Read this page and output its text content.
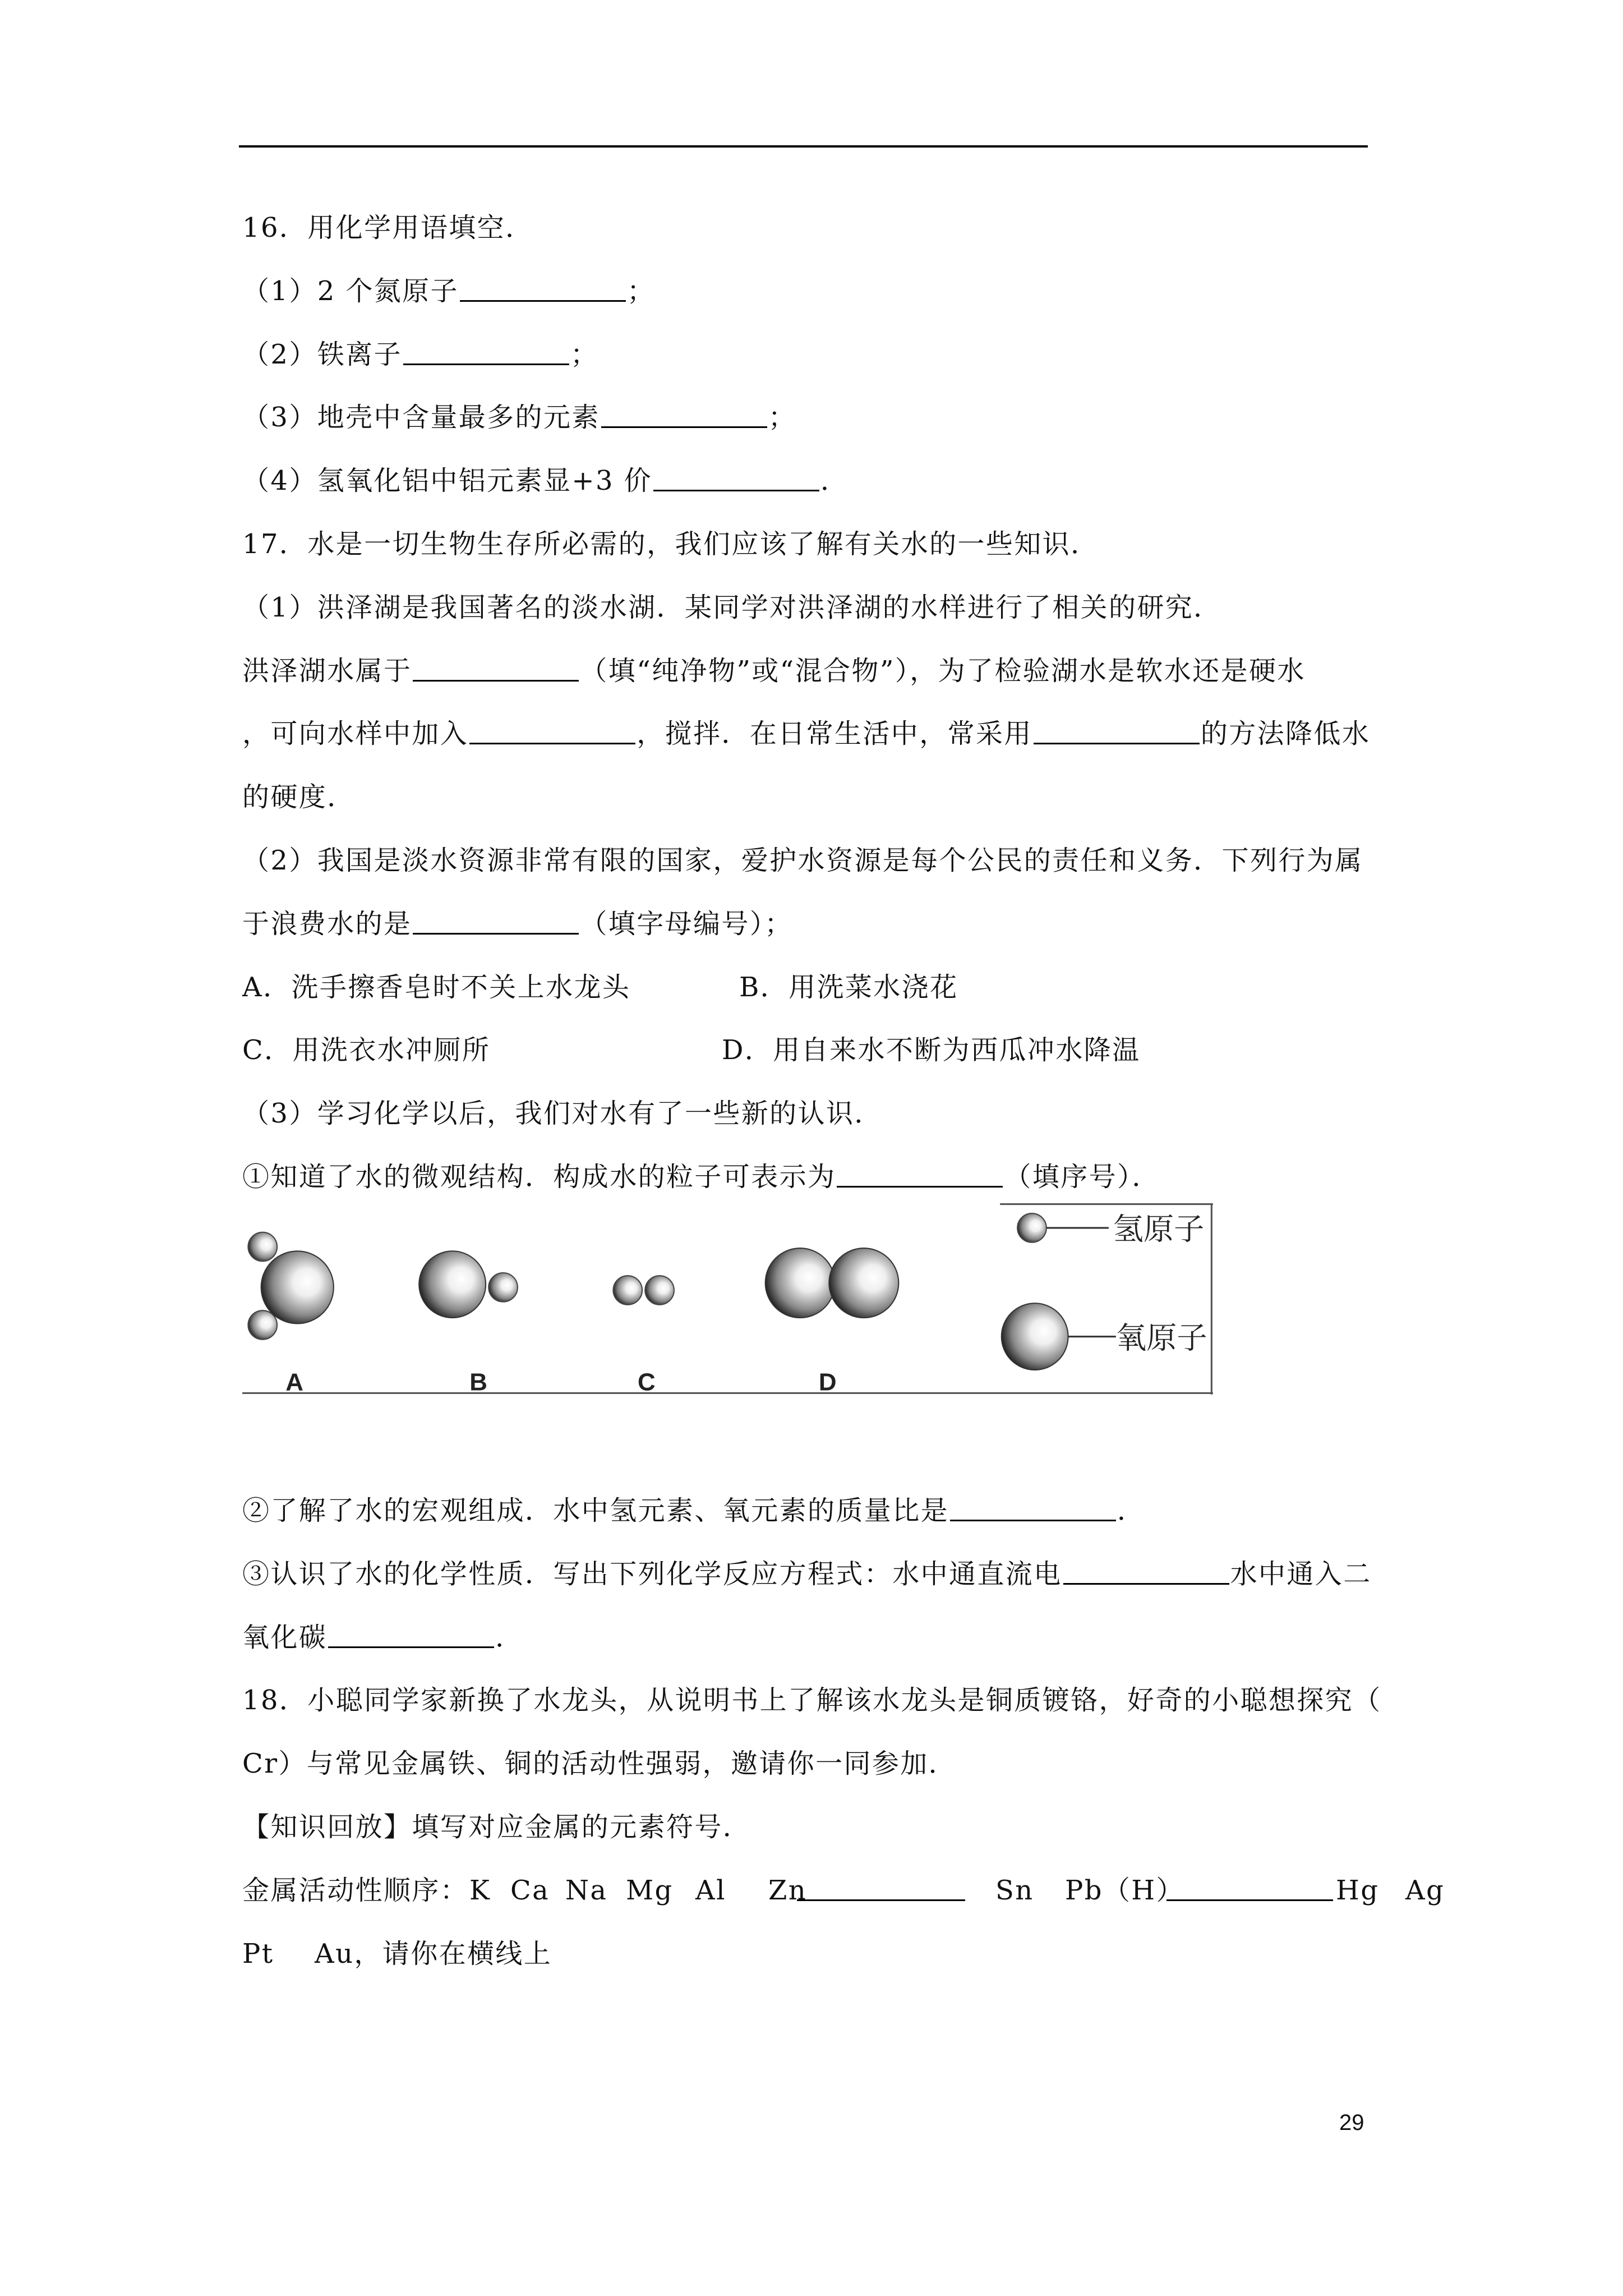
16．用化学用语填空．
（1）2 个氮原子	；
（2）铁离子	；
（3）地壳中含量最多的元素	；
（4）氢氧化铝中铝元素显+3 价	．
17．水是一切生物生存所必需的，我们应该了解有关水的一些知识．
（1）洪泽湖是我国著名的淡水湖．某同学对洪泽湖的水样进行了相关的研究．
洪泽湖水属于	（填“纯净物”或“混合物”），为了检验湖水是软水还是硬水
，可向水样中加入	，搅拌．在日常生活中，常采用	的方法降低水
的硬度．
（2）我国是淡水资源非常有限的国家，爱护水资源是每个公民的责任和义务．下列行为属
于浪费水的是	（填字母编号）；
A．洗手擦香皂时不关上水龙头	B．用洗菜水浇花
C．用洗衣水冲厕所	D．用自来水不断为西瓜冲水降温
（3）学习化学以后，我们对水有了一些新的认识．
①知道了水的微观结构．构成水的粒子可表示为	（填序号）．
A	B	C	D
氢原子
氧原子
②了解了水的宏观组成．水中氢元素、氧元素的质量比是	．
③认识了水的化学性质．写出下列化学反应方程式：水中通直流电	水中通入二
氧化碳	．
18．小聪同学家新换了水龙头，从说明书上了解该水龙头是铜质镀铬，好奇的小聪想探究（
Cr）与常见金属铁、铜的活动性强弱，邀请你一同参加．
【知识回放】填写对应金属的元素符号．
金属活动性顺序： K Ca Na Mg Al Zn	Sn Pb（H）	Hg Ag
Pt Au，请你在横线上
29
